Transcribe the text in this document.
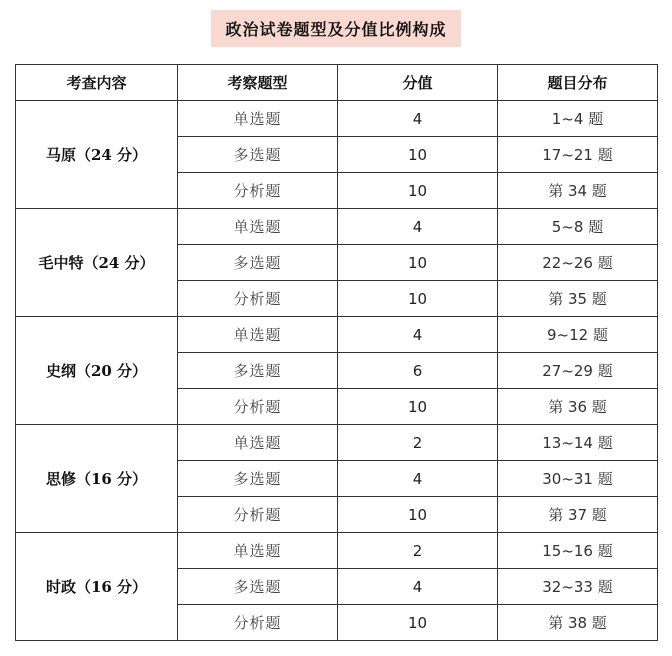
政治试卷题型及分值比例构成
考查内容	考察题型	分值	题目分布
马原（24 分）	单选题	4	1~4 题
	多选题	10	17~21 题
	分析题	10	第 34 题
毛中特（24 分）	单选题	4	5~8 题
	多选题	10	22~26 题
	分析题	10	第 35 题
史纲（20 分）	单选题	4	9~12 题
	多选题	6	27~29 题
	分析题	10	第 36 题
思修（16 分）	单选题	2	13~14 题
	多选题	4	30~31 题
	分析题	10	第 37 题
时政（16 分）	单选题	2	15~16 题
	多选题	4	32~33 题
	分析题	10	第 38 题
